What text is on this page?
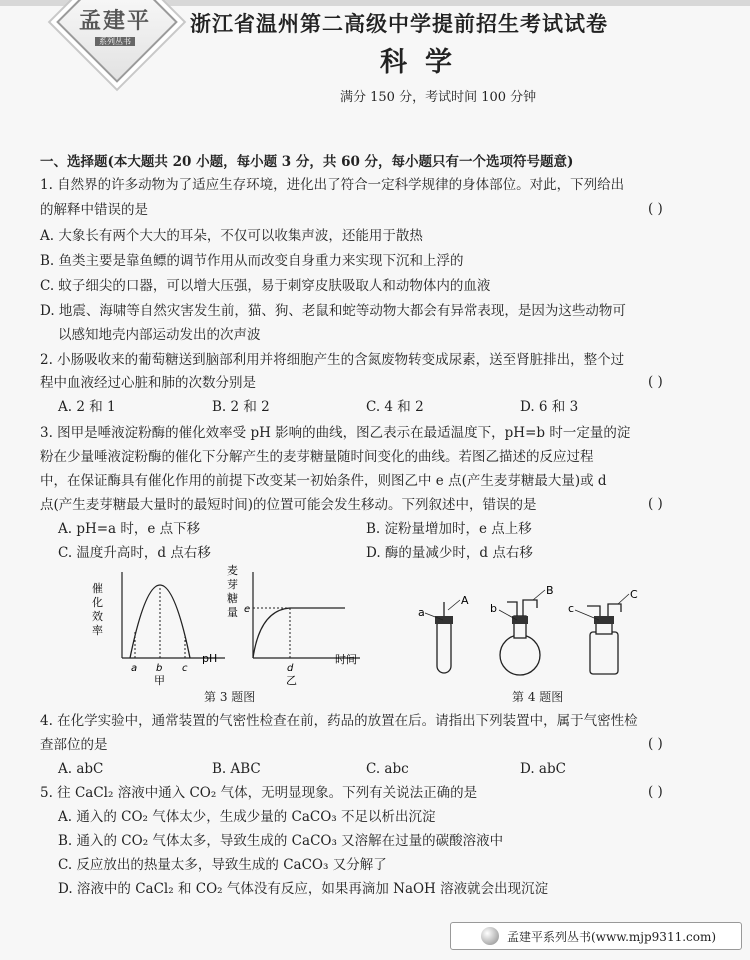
孟建平
系列丛书
浙江省温州第二高级中学提前招生考试试卷
科学
满分 150 分，考试时间 100 分钟
一、选择题(本大题共 20 小题，每小题 3 分，共 60 分，每小题只有一个选项符号题意)
1. 自然界的许多动物为了适应生存环境，进化出了符合一定科学规律的身体部位。对此，下列给出
的解释中错误的是	( )
A. 大象长有两个大大的耳朵，不仅可以收集声波，还能用于散热
B. 鱼类主要是靠鱼鳔的调节作用从而改变自身重力来实现下沉和上浮的
C. 蚊子细尖的口器，可以增大压强，易于刺穿皮肤吸取人和动物体内的血液
D. 地震、海啸等自然灾害发生前，猫、狗、老鼠和蛇等动物大都会有异常表现，是因为这些动物可
以感知地壳内部运动发出的次声波
2. 小肠吸收来的葡萄糖送到脑部利用并将细胞产生的含氮废物转变成尿素，送至肾脏排出，整个过
程中血液经过心脏和肺的次数分别是	( )
A. 2 和 1	B. 2 和 2	C. 4 和 2	D. 6 和 3
3. 图甲是唾液淀粉酶的催化效率受 pH 影响的曲线，图乙表示在最适温度下，pH=b 时一定量的淀
粉在少量唾液淀粉酶的催化下分解产生的麦芽糖量随时间变化的曲线。若图乙描述的反应过程
中，在保证酶具有催化作用的前提下改变某一初始条件，则图乙中 e 点(产生麦芽糖最大量)或 d
点(产生麦芽糖最大量时的最短时间)的位置可能会发生移动。下列叙述中，错误的是	( )
A. pH=a 时，e 点下移	B. 淀粉量增加时，e 点上移
C. 温度升高时，d 点右移	D. 酶的量减少时，d 点右移
催
化
效
率
a b c
pH
甲
麦
芽
糖
量 e
d
时间
乙
第 3 题图
a
A
b
B
c
C
第 4 题图
4. 在化学实验中，通常装置的气密性检查在前，药品的放置在后。请指出下列装置中，属于气密性检
查部位的是	( )
A. abC	B. ABC	C. abc	D. abC
5. 往 CaCl₂ 溶液中通入 CO₂ 气体，无明显现象。下列有关说法正确的是	( )
A. 通入的 CO₂ 气体太少，生成少量的 CaCO₃ 不足以析出沉淀
B. 通入的 CO₂ 气体太多，导致生成的 CaCO₃ 又溶解在过量的碳酸溶液中
C. 反应放出的热量太多，导致生成的 CaCO₃ 又分解了
D. 溶液中的 CaCl₂ 和 CO₂ 气体没有反应，如果再滴加 NaOH 溶液就会出现沉淀
孟建平系列丛书(www.mjp9311.com)
